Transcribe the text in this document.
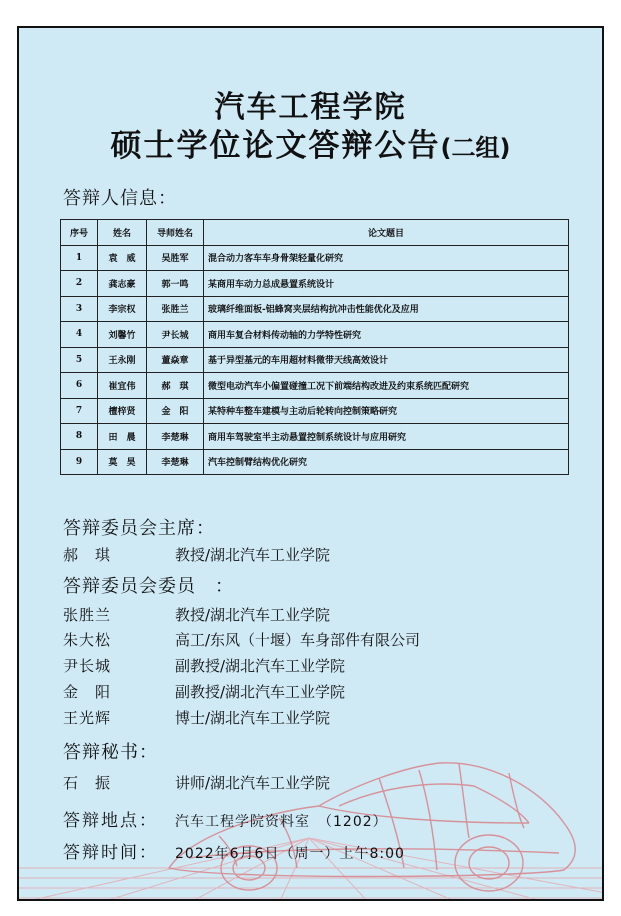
汽车工程学院
硕士学位论文答辩公告(二组)
答辩人信息：
序号	姓名	导师姓名	论文题目
1	袁　威	吴胜军	混合动力客车车身骨架轻量化研究
2	龚志豪	郭一鸣	某商用车动力总成悬置系统设计
3	李宗权	张胜兰	玻璃纤维面板-铝蜂窝夹层结构抗冲击性能优化及应用
4	刘馨竹	尹长城	商用车复合材料传动轴的力学特性研究
5	王永刚	董焱章	基于异型基元的车用超材料微带天线高效设计
6	崔宜伟	郝　琪	微型电动汽车小偏置碰撞工况下前端结构改进及约束系统匹配研究
7	檀梓贤	金　阳	某特种车整车建模与主动后轮转向控制策略研究
8	田　晨	李楚琳	商用车驾驶室半主动悬置控制系统设计与应用研究
9	莫　昊	李楚琳	汽车控制臂结构优化研究
答辩委员会主席：
郝　琪	教授/湖北汽车工业学院
答辩委员会委员　：
张胜兰	教授/湖北汽车工业学院
朱大松	高工/东风（十堰）车身部件有限公司
尹长城	副教授/湖北汽车工业学院
金　阳	副教授/湖北汽车工业学院
王光辉	博士/湖北汽车工业学院
答辩秘书：
石　振	讲师/湖北汽车工业学院
答辩地点： 汽车工程学院资料室　（1202）
答辩时间： 2022年6月6日（周一）上午8:00
